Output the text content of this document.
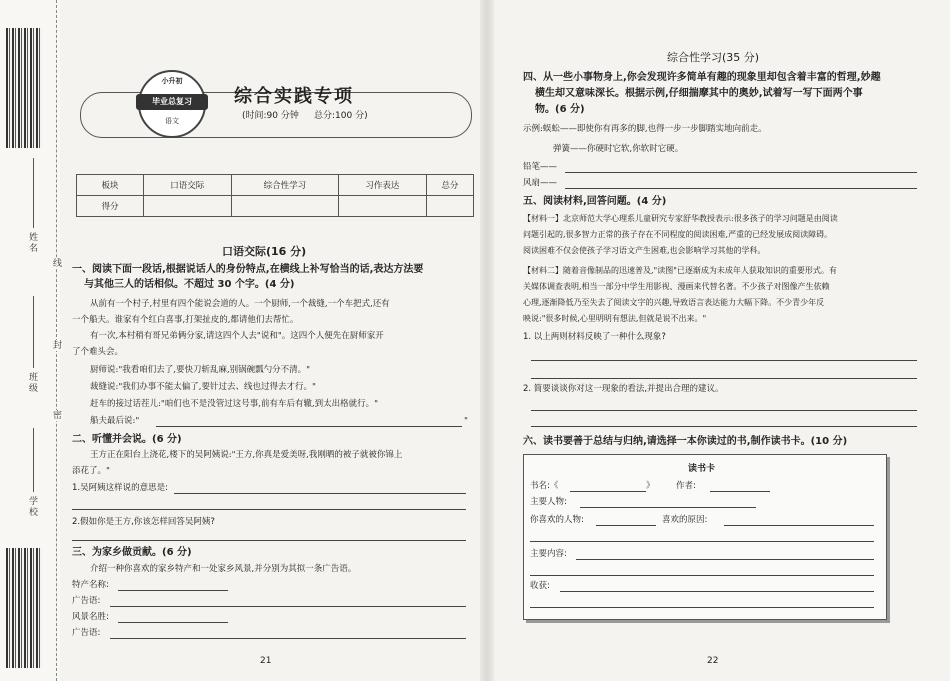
姓名
班级
学校
线
封
密
小升初
毕业总复习
语文
综合实践专项
(时间:90 分钟 总分:100 分)
板块	口语交际	综合性学习	习作表达	总分
得分				
口语交际(16 分)
一、阅读下面一段话,根据说话人的身份特点,在横线上补写恰当的话,表达方法要
与其他三人的话相似。不超过 30 个字。(4 分)
从前有一个村子,村里有四个能说会道的人。一个厨师,一个裁缝,一个车把式,还有
一个船夫。谁家有个红白喜事,打架扯皮的,都请他们去帮忙。
有一次,本村稍有哥兄弟俩分家,请这四个人去"说和"。这四个人便先在厨师家开
了个难头会。
厨师说:"我看咱们去了,要快刀斩乱麻,别锅碗瓢勺分不清。"
裁缝说:"我们办事不能太偏了,要针过去、线也过得去才行。"
赶车的接过话茬儿:"咱们也不是没管过这号事,前有车后有辙,到太出格就行。"
船夫最后说:"	"
二、听懂并会说。(6 分)
王方正在阳台上浇花,楼下的吴阿姨说:"王方,你真是爱美呀,我刚晒的被子就被你锦上
添花了。"
1.吴阿姨这样说的意思是:
2.假如你是王方,你该怎样回答吴阿姨?
三、为家乡做贡献。(6 分)
介绍一种你喜欢的家乡特产和一处家乡风景,并分别为其拟一条广告语。
特产名称:
广告语:
风景名胜:
广告语:
21
综合性学习(35 分)
四、从一些小事物身上,你会发现许多简单有趣的现象里却包含着丰富的哲理,妙趣
横生却又意味深长。根据示例,仔细揣摩其中的奥妙,试着写一写下面两个事
物。(6 分)
示例:蜈蚣——即使你有再多的脚,也得一步一步脚踏实地向前走。
弹簧——你硬时它软,你软时它硬。
铅笔——
风扇——
五、阅读材料,回答问题。(4 分)
【材料一】北京师范大学心理系儿童研究专家舒华教授表示:很多孩子的学习问题是由阅读
问题引起的,很多智力正常的孩子存在不同程度的阅读困难,严重的已经发展成阅读障碍。
阅读困难不仅会使孩子学习语文产生困难,也会影响学习其他的学科。
【材料二】随着音像制品的迅速普及,"读图"已逐渐成为未成年人获取知识的重要形式。有
关媒体调查表明,相当一部分中学生用影视、漫画来代替名著。不少孩子对图像产生依赖
心理,逐渐降低乃至失去了阅读文字的兴趣,导致语言表达能力大幅下降。不少青少年反
映说:"很多时候,心里明明有想法,但就是说不出来。"
1. 以上两则材料反映了一种什么现象?
2. 简要谈谈你对这一现象的看法,并提出合理的建议。
六、读书要善于总结与归纳,请选择一本你读过的书,制作读书卡。(10 分)
读书卡
书名:《	》	作者:
主要人物:
你喜欢的人物:	喜欢的原因:
主要内容:
收获:
22
